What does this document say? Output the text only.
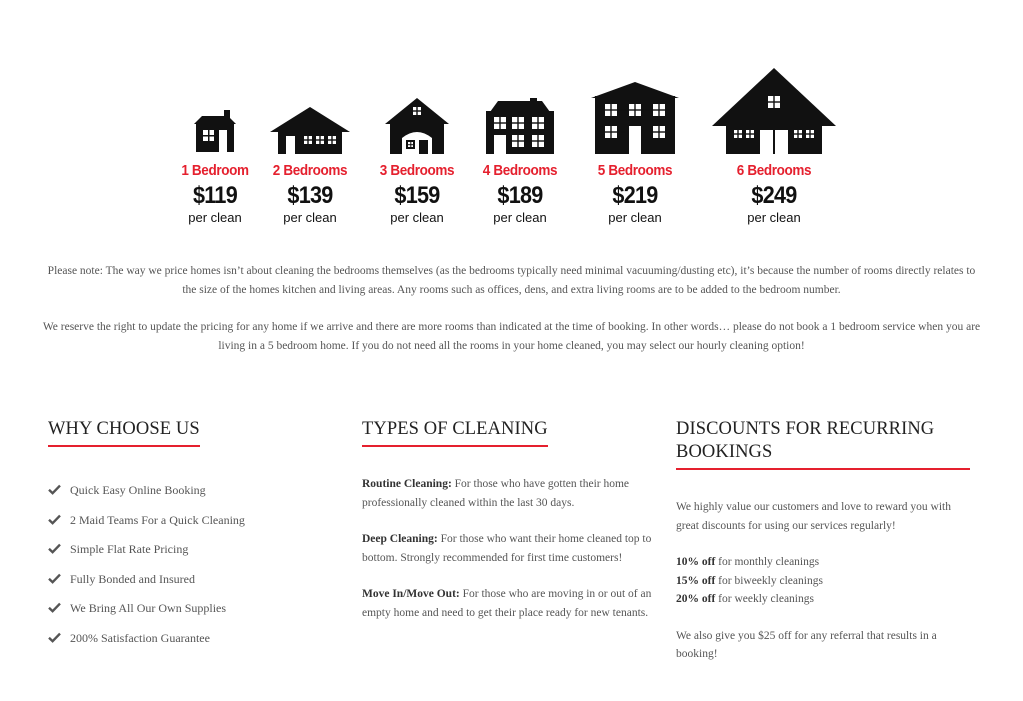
1 Bedroom
$119
per clean
2 Bedrooms
$139
per clean
3 Bedrooms
$159
per clean
4 Bedrooms
$189
per clean
5 Bedrooms
$219
per clean
6 Bedrooms
$249
per clean

Please note: The way we price homes isn’t about cleaning the bedrooms themselves (as the bedrooms typically need minimal vacuuming/dusting etc), it’s because the number of rooms directly relates to the size of the homes kitchen and living areas. Any rooms such as offices, dens, and extra living rooms are to be added to the bedroom number.

We reserve the right to update the pricing for any home if we arrive and there are more rooms than indicated at the time of booking. In other words… please do not book a 1 bedroom service when you are living in a 5 bedroom home. If you do not need all the rooms in your home cleaned, you may select our hourly cleaning option!

WHY CHOOSE US
Quick Easy Online Booking
2 Maid Teams For a Quick Cleaning
Simple Flat Rate Pricing
Fully Bonded and Insured
We Bring All Our Own Supplies
200% Satisfaction Guarantee
TYPES OF CLEANING

Routine Cleaning: For those who have gotten their home professionally cleaned within the last 30 days.

Deep Cleaning: For those who want their home cleaned top to bottom. Strongly recommended for first time customers!

Move In/Move Out: For those who are moving in or out of an empty home and need to get their place ready for new tenants.

DISCOUNTS FOR RECURRING BOOKINGS

We highly value our customers and love to reward you with great discounts for using our services regularly!

10% off for monthly cleanings
15% off for biweekly cleanings
20% off for weekly cleanings

We also give you $25 off for any referral that results in a booking!
